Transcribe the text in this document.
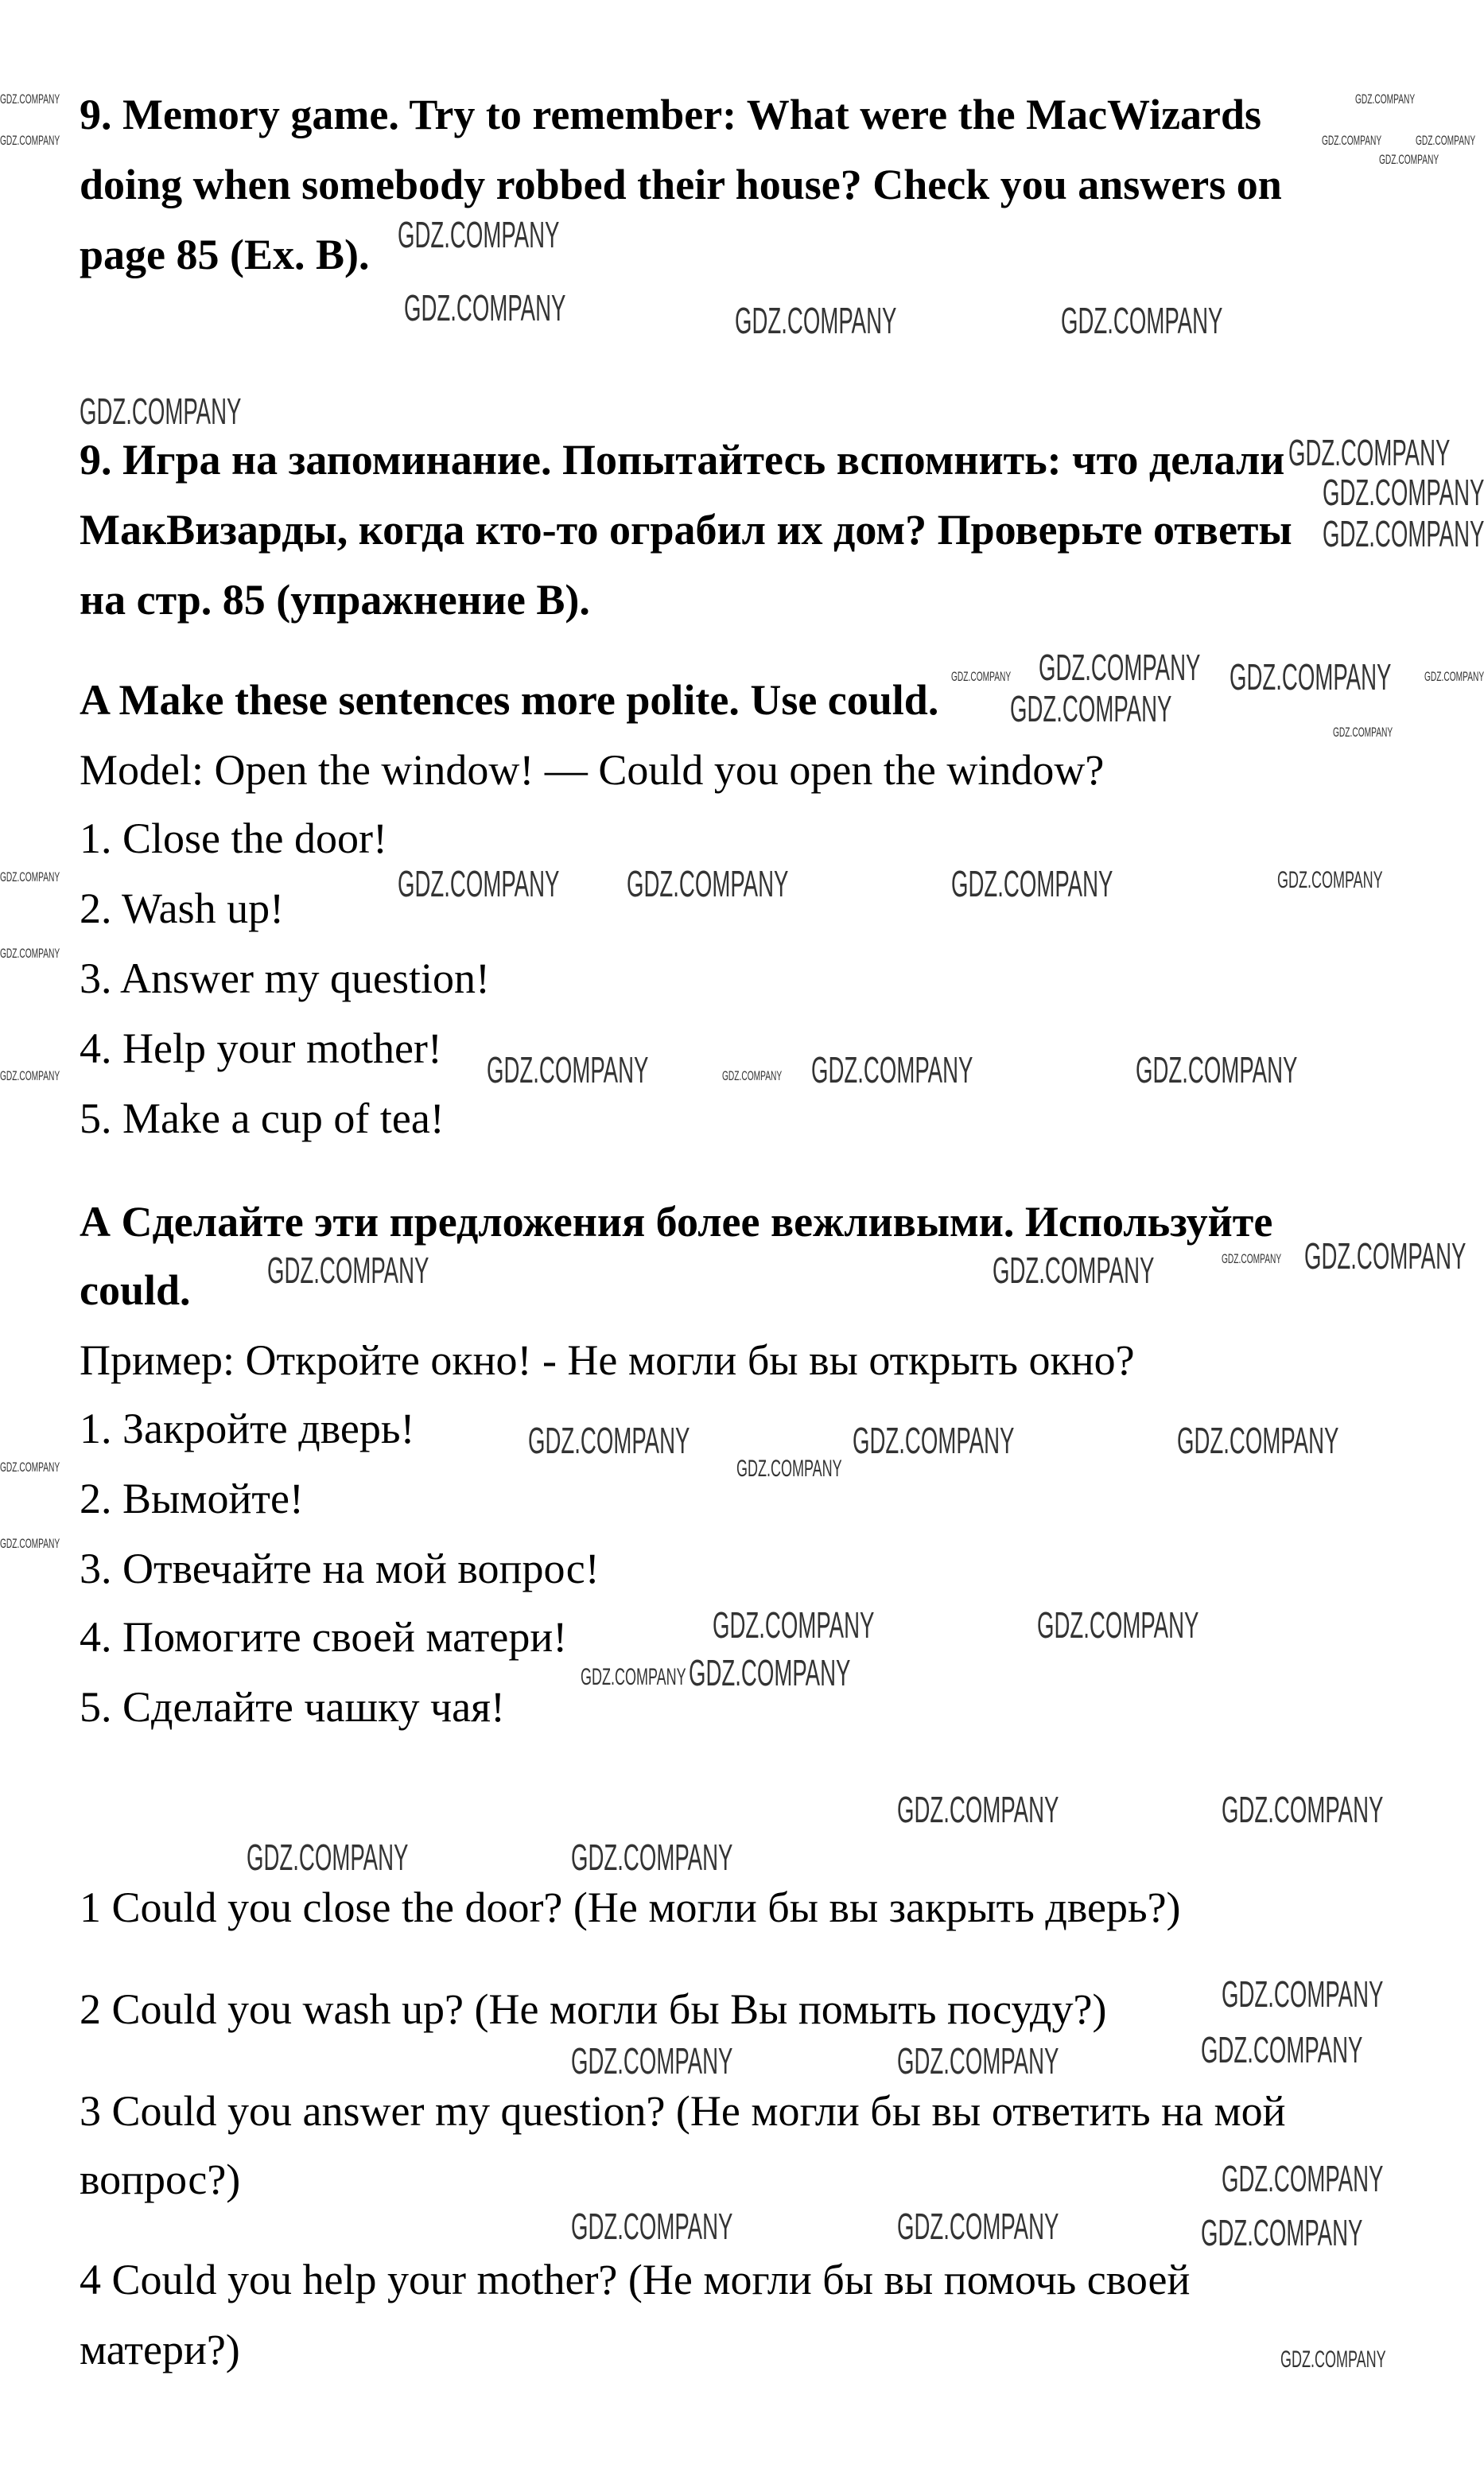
9. Memory game. Try to remember: What were the MacWizards
doing when somebody robbed their house? Check you answers on
page 85 (Ex. B).
9. Игра на запоминание. Попытайтесь вспомнить: что делали
МакВизарды, когда кто-то ограбил их дом? Проверьте ответы
на стр. 85 (упражнение B).
A Make these sentences more polite. Use could.
Model: Open the window! — Could you open the window?
1. Close the door!
2. Wash up!
3. Answer my question!
4. Help your mother!
5. Make a cup of tea!
А Сделайте эти предложения более вежливыми. Используйте
could.
Пример: Откройте окно! - Не могли бы вы открыть окно?
1. Закройте дверь!
2. Вымойте!
3. Отвечайте на мой вопрос!
4. Помогите своей матери!
5. Сделайте чашку чая!
1 Could you close the door? (Не могли бы вы закрыть дверь?)
2 Could you wash up? (Не могли бы Вы помыть посуду?)
3 Could you answer my question? (Не могли бы вы ответить на мой
вопрос?)
4 Could you help your mother? (Не могли бы вы помочь своей
матери?)
GDZ.COMPANY
GDZ.COMPANY	GDZ.COMPANY	GDZ.COMPANY
GDZ.COMPANY
GDZ.COMPANY
GDZ.COMPANY
GDZ.COMPANY
GDZ.COMPANY GDZ.COMPANY
GDZ.COMPANY
GDZ.COMPANY GDZ.COMPANY	GDZ.COMPANY	GDZ.COMPANY
GDZ.COMPANY	GDZ.COMPANY	GDZ.COMPANY
GDZ.COMPANY	GDZ.COMPANY
GDZ.COMPANY
GDZ.COMPANY	GDZ.COMPANY	GDZ.COMPANY
GDZ.COMPANY
GDZ.COMPANY	GDZ.COMPANY
GDZ.COMPANY
GDZ.COMPANY
GDZ.COMPANY	GDZ.COMPANY
GDZ.COMPANY	GDZ.COMPANY
GDZ.COMPANY
GDZ.COMPANY
GDZ.COMPANY	GDZ.COMPANY
GDZ.COMPANY
GDZ.COMPANY
GDZ.COMPANY	GDZ.COMPANY
GDZ.COMPANY
GDZ.COMPANY	GDZ.COMPANY
GDZ.COMPANY
GDZ.COMPANY
GDZ.COMPANY
GDZ.COMPANY
GDZ.COMPANY	GDZ.COMPANY
GDZ.COMPANY
GDZ.COMPANY
GDZ.COMPANY
GDZ.COMPANY	GDZ.COMPANY
GDZ.COMPANY
GDZ.COMPANY
GDZ.COMPANY
